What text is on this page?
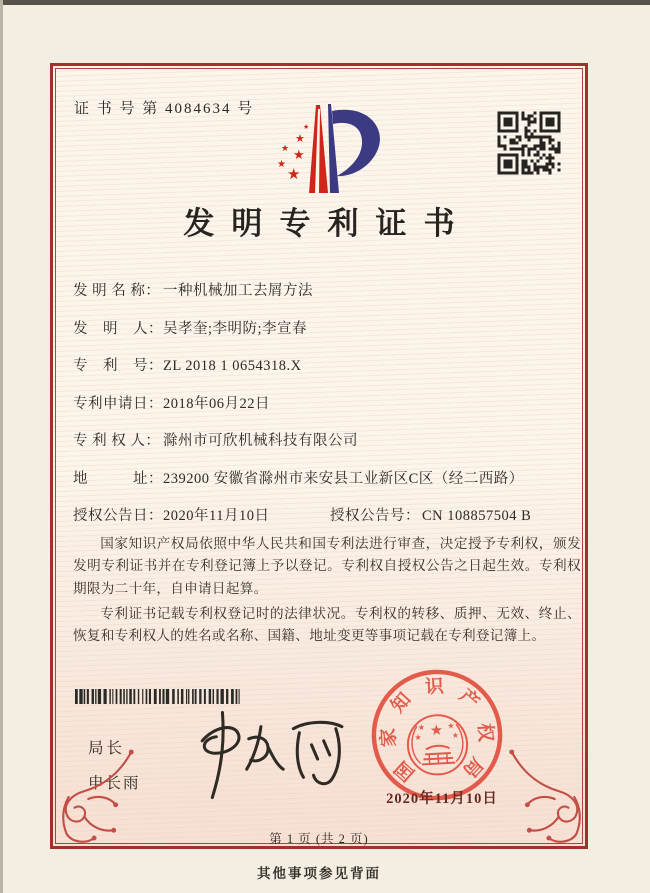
证 书 号 第 4084634 号
★
★
★ ★
★
★
发明专利证书
发 明 名 称： 一种机械加工去屑方法
发　明　人：吴孝奎;李明防;李宣春
专　利　号：ZL 2018 1 0654318.X
专利申请日：2018年06月22日
专 利 权 人： 滁州市可欣机械科技有限公司
地　　　址：239200 安徽省滁州市来安县工业新区C区（经二西路）
授权公告日：2020年11月10日	授权公告号： CN 108857504 B

国家知识产权局依照中华人民共和国专利法进行审查，决定授予专利权，颁发发明专利证书并在专利登记簿上予以登记。专利权自授权公告之日起生效。专利权期限为二十年，自申请日起算。

专利证书记载专利权登记时的法律状况。专利权的转移、质押、无效、终止、恢复和专利权人的姓名或名称、国籍、地址变更等事项记载在专利登记簿上。

局长
申长雨	国
家
知
识 产
权
局
★
★	★
★	★
2020年11月10日
第 1 页 (共 2 页)
其他事项参见背面
